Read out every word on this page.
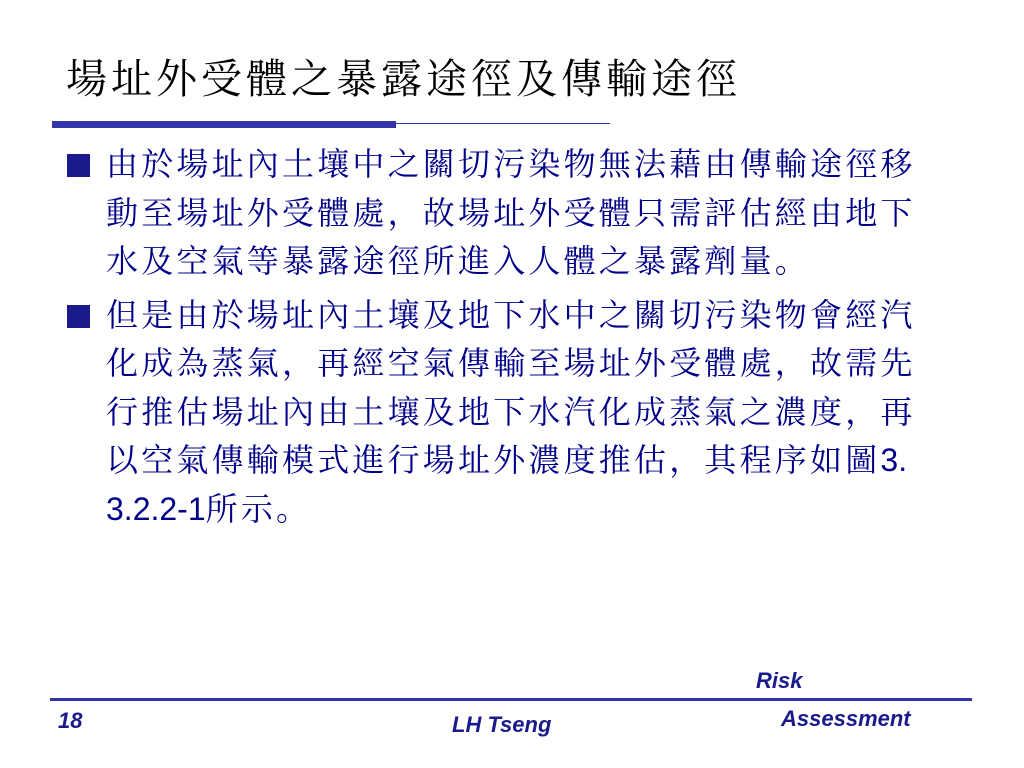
場址外受體之暴露途徑及傳輸途徑
由於場址內土壤中之關切污染物無法藉由傳輸途徑移動至場址外受體處，故場址外受體只需評估經由地下水及空氣等暴露途徑所進入人體之暴露劑量。
但是由於場址內土壤及地下水中之關切污染物會經汽化成為蒸氣，再經空氣傳輸至場址外受體處，故需先行推估場址內由土壤及地下水汽化成蒸氣之濃度，再以空氣傳輸模式進行場址外濃度推估，其程序如圖3.3.2.2-1所示。
18	LH Tseng
Risk
Assessment
